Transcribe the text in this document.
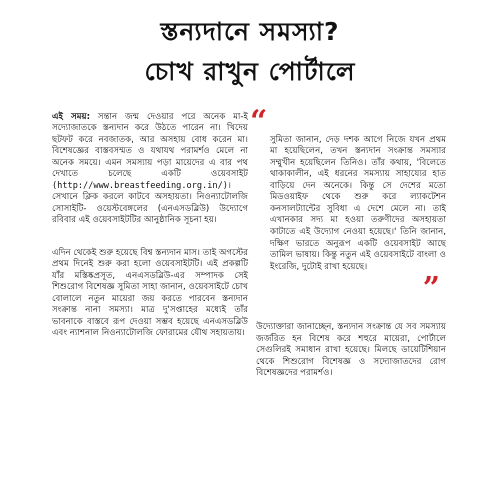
স্তন্যদানে সমস্যা?
চোখ রাখুন পোর্টালে

এই সময়: সন্তান জন্ম দেওয়ার পরে অনেক মা-ই সদ্যোজাতকে স্তন্যদান করে উঠতে পারেন না। খিদেয় ছটফট করে নবজাতক, আর অসহায় বোধ করেন মা। বিশেষজ্ঞের বাস্তবসম্মত ও যথাযথ পরামর্শও মেলে না অনেক সময়ে। এমন সমস্যায় পড়া মায়েদের এ বার পথ দেখাতে চলেছে একটি ওয়েবসাইট (http://www.breastfeeding.org.in/)। সেখানে ক্লিক করলে কাটবে অসহায়তা। নিওন্যাটোলজি সোসাইটি- ওয়েস্টবেঙ্গলের (এনএসডব্লিউ) উদ্যোগে রবিবার এই ওয়েবসাইটটির আনুষ্ঠানিক সূচনা হয়।

এদিন থেকেই শুরু হয়েছে বিশ্ব স্তন্যদান মাস। তাই অগস্টের প্রথম দিনেই শুরু করা হলো ওয়েবসাইটটি। এই প্রকল্পটি যাঁর মস্তিষ্কপ্রসূত, এনএসডব্লিউ-এর সম্পাদক সেই শিশুরোগ বিশেষজ্ঞ সুমিতা সাহা জানান, ওয়েবসাইটে চোখ বোলালে নতুন মায়েরা জয় করতে পারবেন স্তন্যদান সংক্রান্ত নানা সমস্যা। মাত্র দু'সপ্তাহের মধ্যেই তাঁর ভাবনাকে বাস্তবে রূপ দেওয়া সম্ভব হয়েছে এনএসডব্লিউ এবং ন্যাশনাল নিওন্যাটোলজি ফোরামের যৌথ সহায়তায়।

“

সুমিতা জানান, দেড় দশক আগে নিজে যখন প্রথম মা হয়েছিলেন, তখন স্তন্যদান সংক্রান্ত সমস্যার সম্মুখীন হয়েছিলেন তিনিও। তাঁর কথায়, 'বিলেতে থাকাকালীন, এই ধরনের সমস্যায় সাহায্যের হাত বাড়িয়ে দেন অনেকে। কিন্তু সে দেশের মতো মিডওয়াইফ থেকে শুরু করে ল্যাকটেশন কনসালট্যান্টের সুবিধা এ দেশে মেলে না। তাই এখানকার সদ্য মা হওয়া তরুণীদের অসহায়তা কাটাতে এই উদ্যোগ নেওয়া হয়েছে।' তিনি জানান, দক্ষিণ ভারতে অনুরূপ একটি ওয়েবসাইট আছে তামিল ভাষায়। কিন্তু নতুন এই ওয়েবসাইটে বাংলা ও ইংরেজি, দুটোই রাখা হয়েছে।

”

উদ্যোক্তারা জানাচ্ছেন, স্তন্যদান সংক্রান্ত যে সব সমস্যায় জর্জরিত হন বিশেষ করে শহুরে মায়েরা, পোর্টালে সেগুলিরই সমাধান রাখা হয়েছে। মিলছে ডায়েটিশিয়ান থেকে শিশুরোগ বিশেষজ্ঞ ও সদ্যোজাতদের রোগ বিশেষজ্ঞদের পরামর্শও।
